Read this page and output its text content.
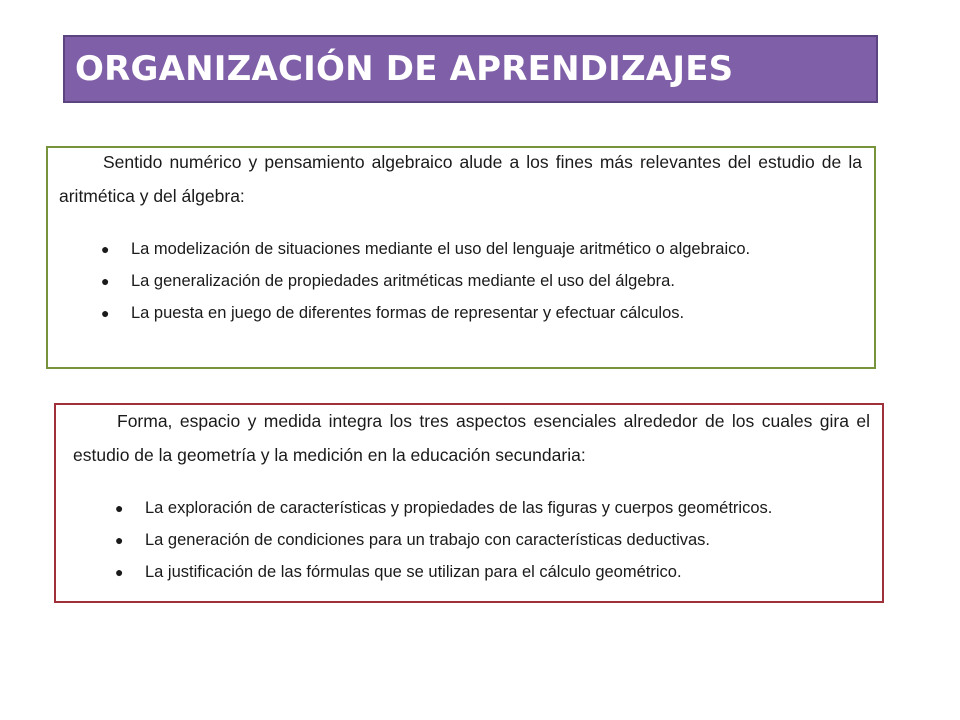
ORGANIZACIÓN DE APRENDIZAJES

Sentido numérico y pensamiento algebraico alude a los fines más relevantes del estudio de la aritmética y del álgebra:

● La modelización de situaciones mediante el uso del lenguaje aritmético o algebraico.
● La generalización de propiedades aritméticas mediante el uso del álgebra.
● La puesta en juego de diferentes formas de representar y efectuar cálculos.

Forma, espacio y medida integra los tres aspectos esenciales alrededor de los cuales gira el estudio de la geometría y la medición en la educación secundaria:

● La exploración de características y propiedades de las figuras y cuerpos geométricos.
● La generación de condiciones para un trabajo con características deductivas.
● La justificación de las fórmulas que se utilizan para el cálculo geométrico.
